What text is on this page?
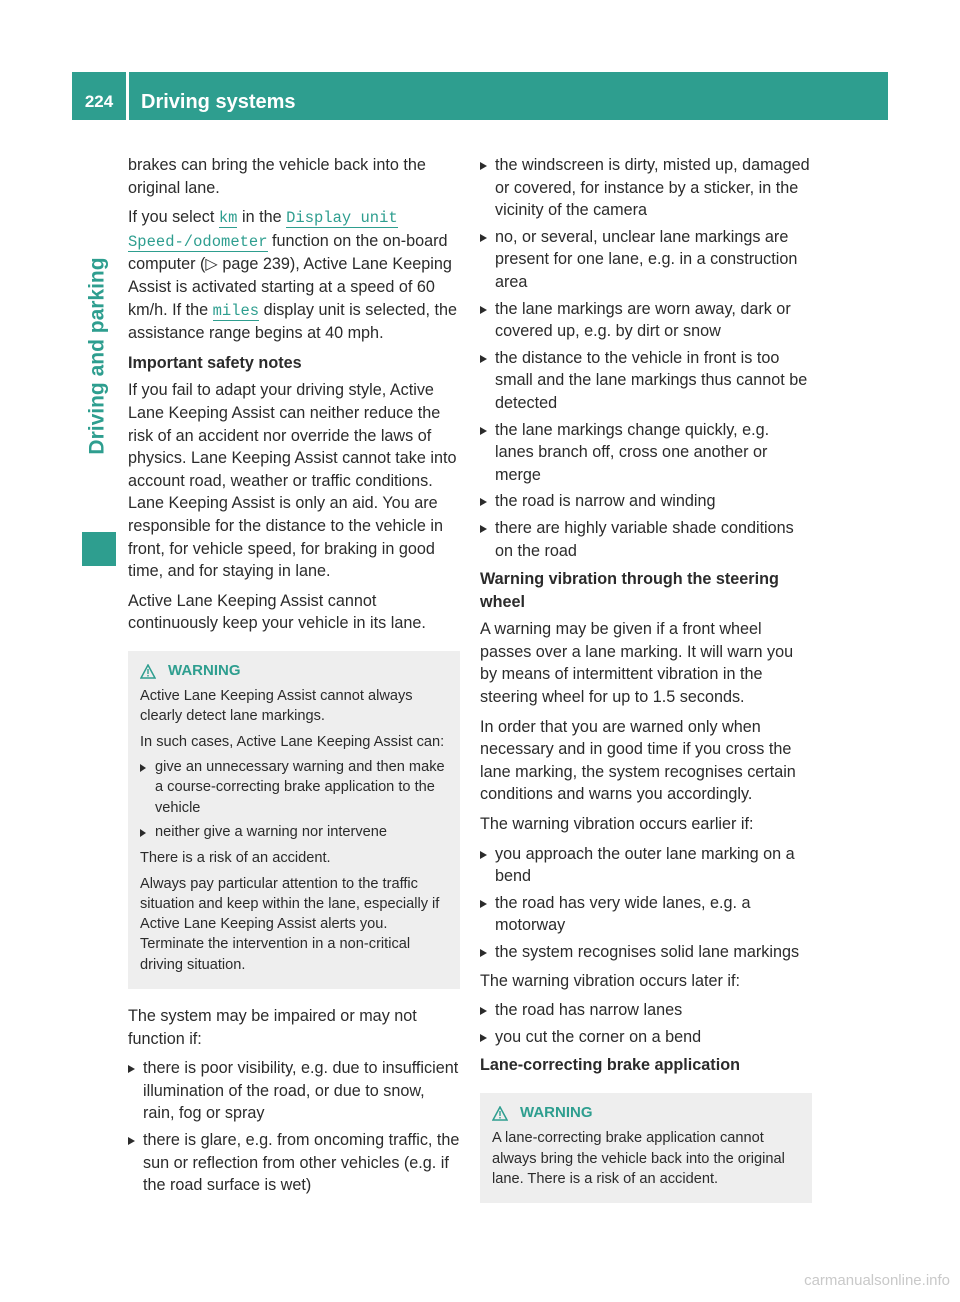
224	Driving systems
Driving and parking

brakes can bring the vehicle back into the original lane.

If you select km in the Display unit Speed-/odometer function on the on-board computer (▷ page 239), Active Lane Keeping Assist is activated starting at a speed of 60 km/h. If the miles display unit is selected, the assistance range begins at 40 mph.

Important safety notes

If you fail to adapt your driving style, Active Lane Keeping Assist can neither reduce the risk of an accident nor override the laws of physics. Lane Keeping Assist cannot take into account road, weather or traffic conditions. Lane Keeping Assist is only an aid. You are responsible for the distance to the vehicle in front, for vehicle speed, for braking in good time, and for staying in lane.

Active Lane Keeping Assist cannot continuously keep your vehicle in its lane.

WARNING

Active Lane Keeping Assist cannot always clearly detect lane markings.

In such cases, Active Lane Keeping Assist can:

give an unnecessary warning and then make a course-correcting brake application to the vehicle
neither give a warning nor intervene

There is a risk of an accident.

Always pay particular attention to the traffic situation and keep within the lane, especially if Active Lane Keeping Assist alerts you. Terminate the intervention in a non-critical driving situation.

The system may be impaired or may not function if:

there is poor visibility, e.g. due to insufficient illumination of the road, or due to snow, rain, fog or spray
there is glare, e.g. from oncoming traffic, the sun or reflection from other vehicles (e.g. if the road surface is wet)
the windscreen is dirty, misted up, damaged or covered, for instance by a sticker, in the vicinity of the camera
no, or several, unclear lane markings are present for one lane, e.g. in a construction area
the lane markings are worn away, dark or covered up, e.g. by dirt or snow
the distance to the vehicle in front is too small and the lane markings thus cannot be detected
the lane markings change quickly, e.g. lanes branch off, cross one another or merge
the road is narrow and winding
there are highly variable shade conditions on the road

Warning vibration through the steering wheel

A warning may be given if a front wheel passes over a lane marking. It will warn you by means of intermittent vibration in the steering wheel for up to 1.5 seconds.

In order that you are warned only when necessary and in good time if you cross the lane marking, the system recognises certain conditions and warns you accordingly.

The warning vibration occurs earlier if:

you approach the outer lane marking on a bend
the road has very wide lanes, e.g. a motorway
the system recognises solid lane markings

The warning vibration occurs later if:

the road has narrow lanes
you cut the corner on a bend

Lane-correcting brake application

WARNING

A lane-correcting brake application cannot always bring the vehicle back into the original lane. There is a risk of an accident.

carmanualsonline.info
